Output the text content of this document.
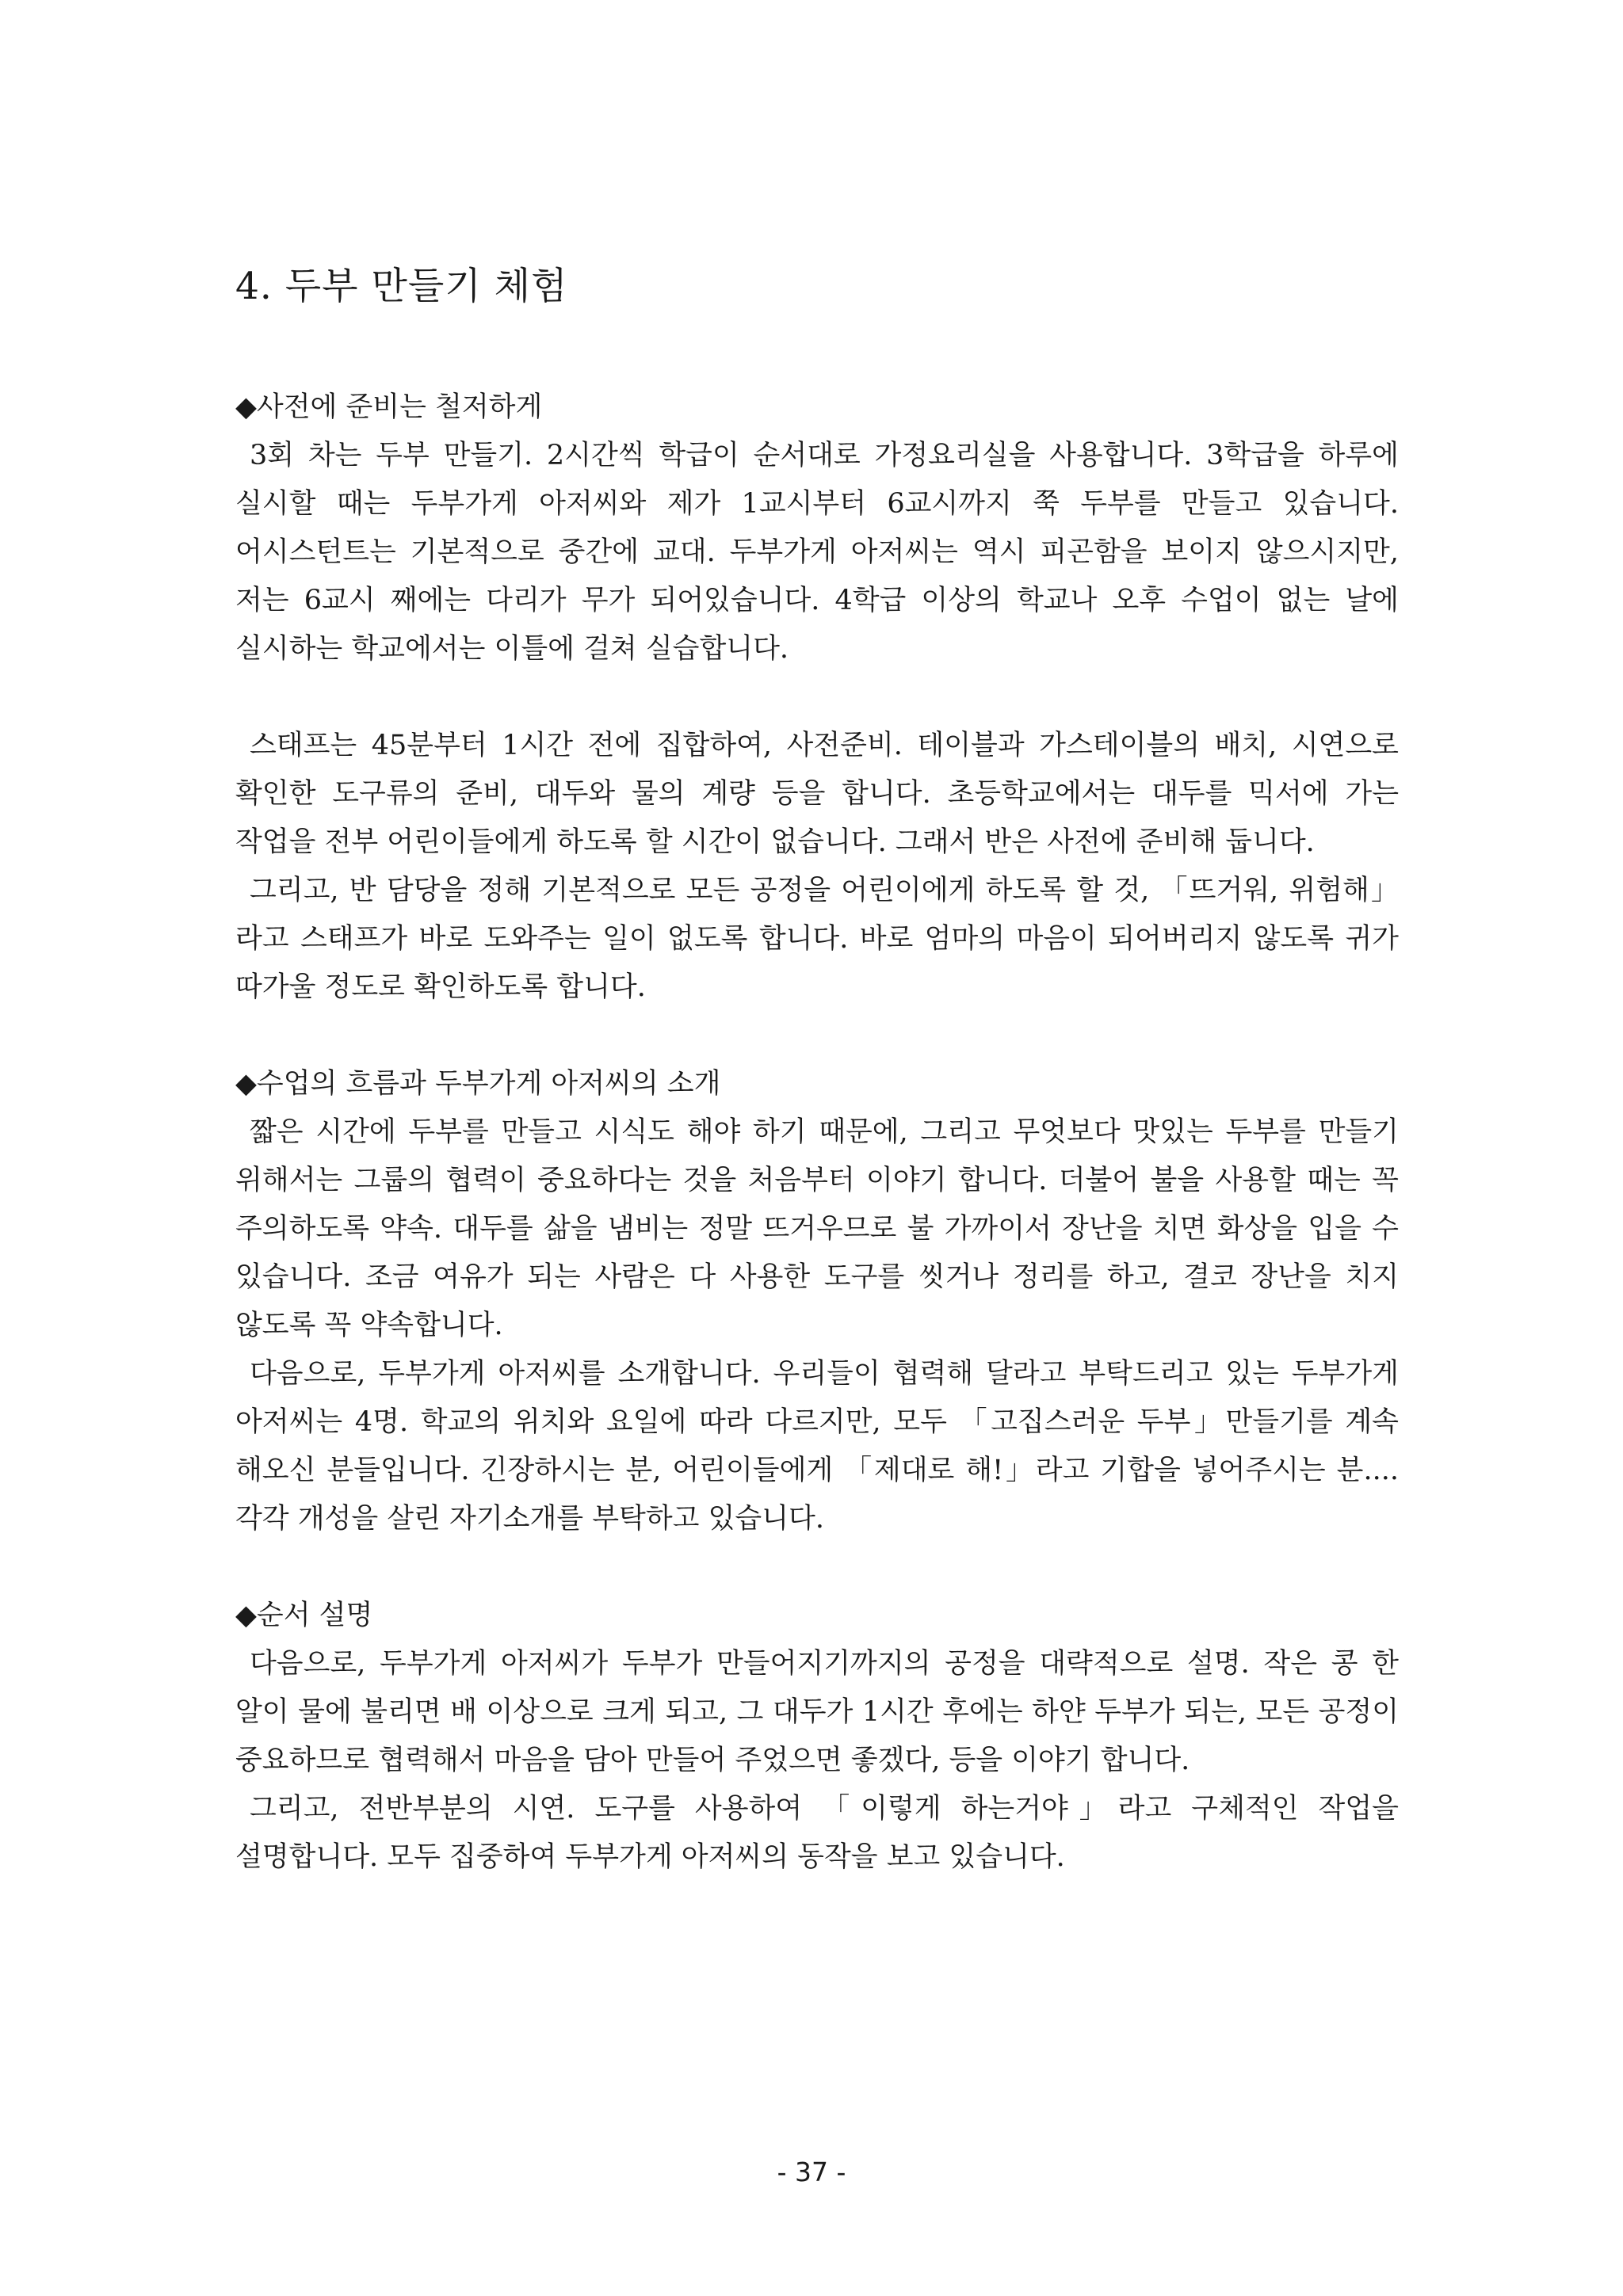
4. 두부 만들기 체험

◆사전에 준비는 철저하게

3회 차는 두부 만들기. 2시간씩 학급이 순서대로 가정요리실을 사용합니다. 3학급을 하루에 실시할 때는 두부가게 아저씨와 제가 1교시부터 6교시까지 쭉 두부를 만들고 있습니다. 어시스턴트는 기본적으로 중간에 교대. 두부가게 아저씨는 역시 피곤함을 보이지 않으시지만, 저는 6교시 째에는 다리가 무가 되어있습니다. 4학급 이상의 학교나 오후 수업이 없는 날에 실시하는 학교에서는 이틀에 걸쳐 실습합니다.

스태프는 45분부터 1시간 전에 집합하여, 사전준비. 테이블과 가스테이블의 배치, 시연으로 확인한 도구류의 준비, 대두와 물의 계량 등을 합니다. 초등학교에서는 대두를 믹서에 가는 작업을 전부 어린이들에게 하도록 할 시간이 없습니다. 그래서 반은 사전에 준비해 둡니다.

그리고, 반 담당을 정해 기본적으로 모든 공정을 어린이에게 하도록 할 것, 「뜨거워, 위험해」라고 스태프가 바로 도와주는 일이 없도록 합니다. 바로 엄마의 마음이 되어버리지 않도록 귀가 따가울 정도로 확인하도록 합니다.

◆수업의 흐름과 두부가게 아저씨의 소개

짧은 시간에 두부를 만들고 시식도 해야 하기 때문에, 그리고 무엇보다 맛있는 두부를 만들기 위해서는 그룹의 협력이 중요하다는 것을 처음부터 이야기 합니다. 더불어 불을 사용할 때는 꼭 주의하도록 약속. 대두를 삶을 냄비는 정말 뜨거우므로 불 가까이서 장난을 치면 화상을 입을 수 있습니다. 조금 여유가 되는 사람은 다 사용한 도구를 씻거나 정리를 하고, 결코 장난을 치지 않도록 꼭 약속합니다.

다음으로, 두부가게 아저씨를 소개합니다. 우리들이 협력해 달라고 부탁드리고 있는 두부가게 아저씨는 4명. 학교의 위치와 요일에 따라 다르지만, 모두 「고집스러운 두부」만들기를 계속 해오신 분들입니다. 긴장하시는 분, 어린이들에게 「제대로 해!」라고 기합을 넣어주시는 분.... 각각 개성을 살린 자기소개를 부탁하고 있습니다.

◆순서 설명

다음으로, 두부가게 아저씨가 두부가 만들어지기까지의 공정을 대략적으로 설명. 작은 콩 한 알이 물에 불리면 배 이상으로 크게 되고, 그 대두가 1시간 후에는 하얀 두부가 되는, 모든 공정이 중요하므로 협력해서 마음을 담아 만들어 주었으면 좋겠다, 등을 이야기 합니다.

그리고, 전반부분의 시연. 도구를 사용하여 「이렇게 하는거야」라고 구체적인 작업을 설명합니다. 모두 집중하여 두부가게 아저씨의 동작을 보고 있습니다.

- 37 -
